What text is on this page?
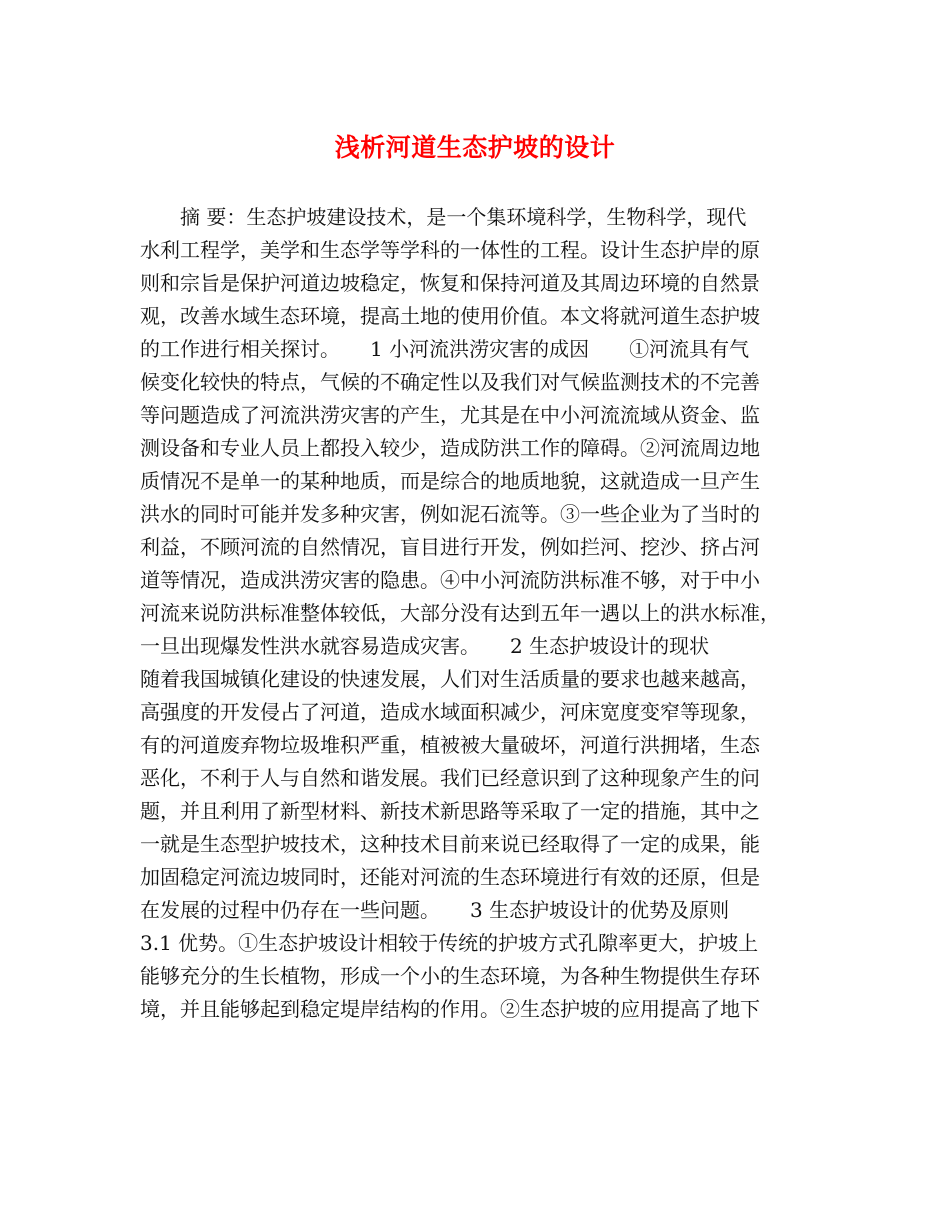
浅析河道生态护坡的设计
　　摘 要：生态护坡建设技术，是一个集环境科学，生物科学，现代
水利工程学，美学和生态学等学科的一体性的工程。设计生态护岸的原
则和宗旨是保护河道边坡稳定，恢复和保持河道及其周边环境的自然景
观，改善水域生态环境，提高土地的使用价值。本文将就河道生态护坡
的工作进行相关探讨。　　1 小河流洪涝灾害的成因　　①河流具有气
候变化较快的特点，气候的不确定性以及我们对气候监测技术的不完善
等问题造成了河流洪涝灾害的产生，尤其是在中小河流流域从资金、监
测设备和专业人员上都投入较少，造成防洪工作的障碍。②河流周边地
质情况不是单一的某种地质，而是综合的地质地貌，这就造成一旦产生
洪水的同时可能并发多种灾害，例如泥石流等。③一些企业为了当时的
利益，不顾河流的自然情况，盲目进行开发，例如拦河、挖沙、挤占河
道等情况，造成洪涝灾害的隐患。④中小河流防洪标准不够，对于中小
河流来说防洪标准整体较低，大部分没有达到五年一遇以上的洪水标准，
一旦出现爆发性洪水就容易造成灾害。　　2 生态护坡设计的现状
随着我国城镇化建设的快速发展，人们对生活质量的要求也越来越高，
高强度的开发侵占了河道，造成水域面积减少，河床宽度变窄等现象，
有的河道废弃物垃圾堆积严重，植被被大量破坏，河道行洪拥堵，生态
恶化，不利于人与自然和谐发展。我们已经意识到了这种现象产生的问
题，并且利用了新型材料、新技术新思路等采取了一定的措施，其中之
一就是生态型护坡技术，这种技术目前来说已经取得了一定的成果，能
加固稳定河流边坡同时，还能对河流的生态环境进行有效的还原，但是
在发展的过程中仍存在一些问题。　　3 生态护坡设计的优势及原则
3.1 优势。①生态护坡设计相较于传统的护坡方式孔隙率更大，护坡上
能够充分的生长植物，形成一个小的生态环境，为各种生物提供生存环
境，并且能够起到稳定堤岸结构的作用。②生态护坡的应用提高了地下
